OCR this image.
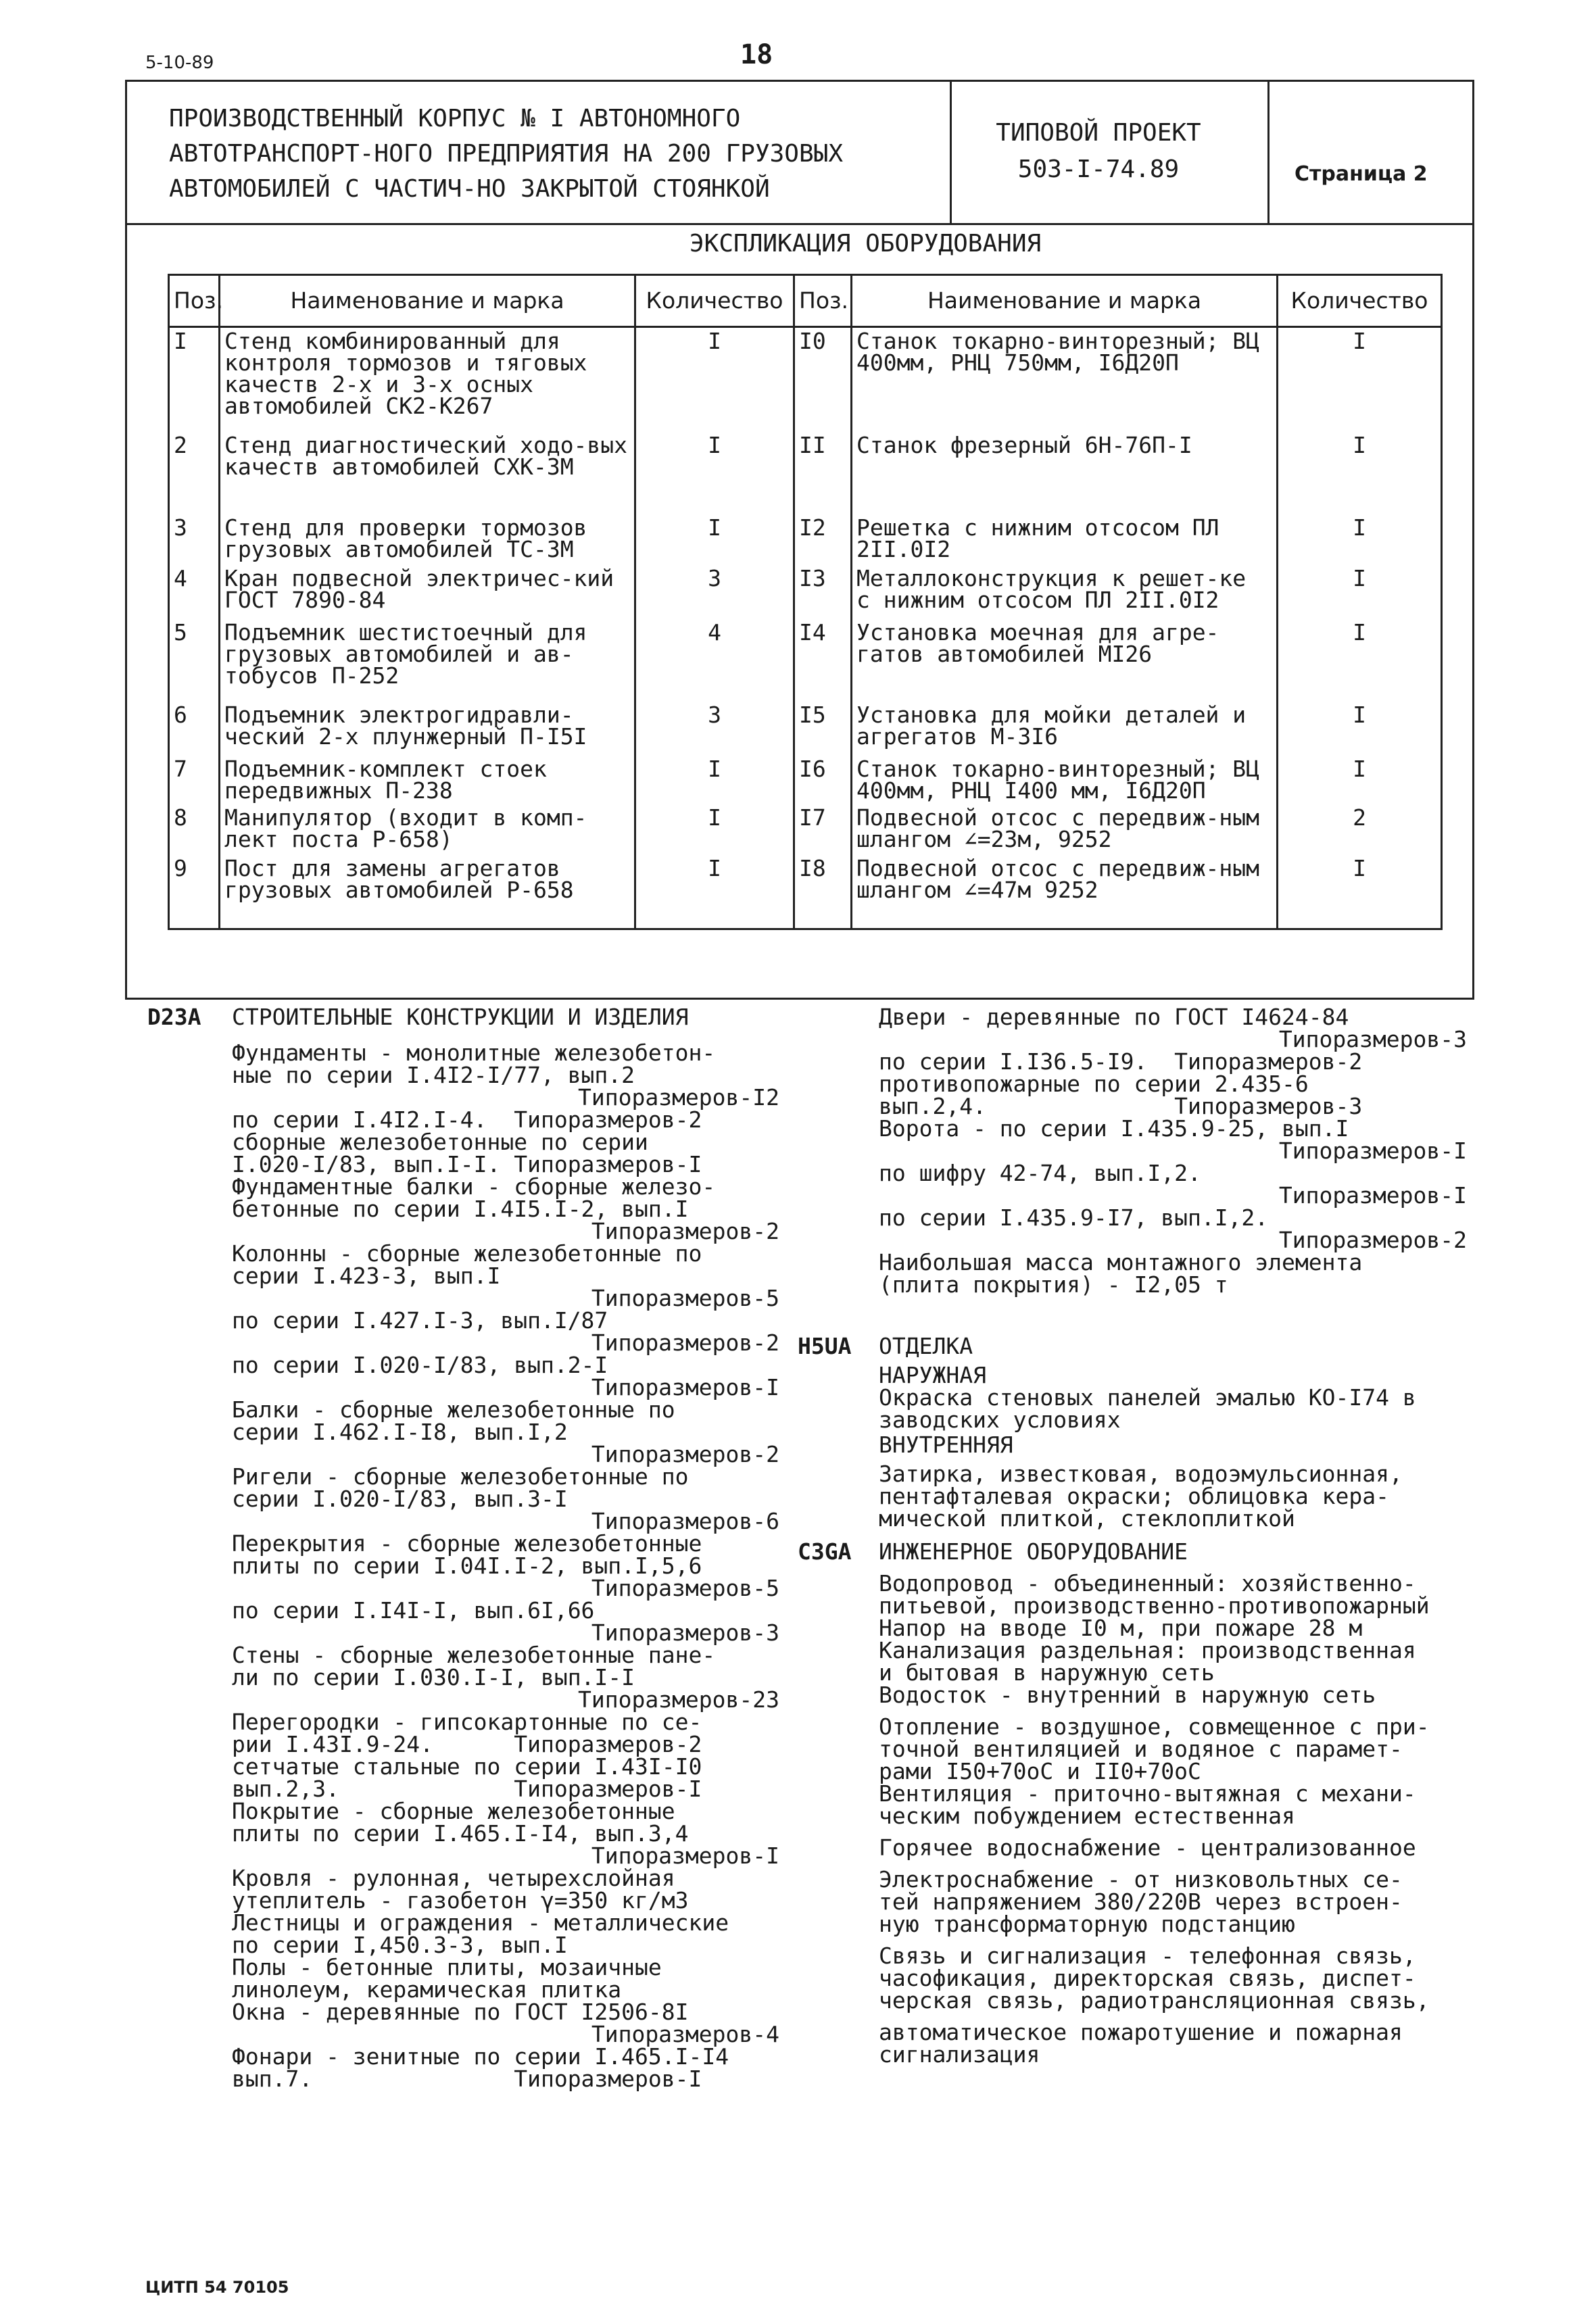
5-10-89	18
ПРОИЗВОДСТВЕННЫЙ КОРПУС № I АВТОНОМНОГО АВТОТРАНСПОРТ-НОГО ПРЕДПРИЯТИЯ НА 200 ГРУЗОВЫХ АВТОМОБИЛЕЙ С ЧАСТИЧ-НО ЗАКРЫТОЙ СТОЯНКОЙ
ТИПОВОЙ ПРОЕКТ
503-I-74.89	Страница 2
ЭКСПЛИКАЦИЯ ОБОРУДОВАНИЯ
Поз.	Наименование и марка	Количество	Поз.	Наименование и марка	Количество
I	Стенд комбинированный для контроля тормозов и тяговых качеств 2-х и 3-х осных автомобилей СК2-К267	I	I0	Станок токарно-винторезный; ВЦ 400мм, РНЦ 750мм, I6Д20П	I
2	Стенд диагностический ходо-вых качеств автомобилей СХК-3М	I	II	Станок фрезерный 6Н-76П-I	I
3	Стенд для проверки тормозов грузовых автомобилей ТС-3М	I	I2	Решетка с нижним отсосом ПЛ 2II.0I2	I
4	Кран подвесной электричес-кий ГОСТ 7890-84	3	I3	Металлоконструкция к решет-ке с нижним отсосом ПЛ 2II.0I2	I
5	Подъемник шестистоечный для грузовых автомобилей и ав-тобусов П-252	4	I4	Установка моечная для агре-гатов автомобилей МI26	I
6	Подъемник электрогидравли-ческий 2-х плунжерный П-I5I	3	I5	Установка для мойки деталей и агрегатов М-3I6	I
7	Подъемник-комплект стоек передвижных П-238	I	I6	Станок токарно-винторезный; ВЦ 400мм, РНЦ I400 мм, I6Д20П	I
8	Манипулятор (входит в комп-лект поста Р-658)	I	I7	Подвесной отсос с передвиж-ным шлангом ∠=23м, 9252	2
9	Пост для замены агрегатов грузовых автомобилей Р-658	I	I8	Подвесной отсос с передвиж-ным шлангом ∠=47м 9252	I
D23A	СТРОИТЕЛЬНЫЕ КОНСТРУКЦИИ И ИЗДЕЛИЯ
Фундаменты - монолитные железобетон-
ные по серии I.4I2-I/77, вып.2
Типоразмеров-I2
по серии I.4I2.I-4.  Типоразмеров-2
сборные железобетонные по серии
I.020-I/83, вып.I-I. Типоразмеров-I
Фундаментные балки - сборные железо-
бетонные по серии I.4I5.I-2, вып.I
Типоразмеров-2
Колонны - сборные железобетонные по
серии I.423-3, вып.I
Типоразмеров-5
по серии I.427.I-3, вып.I/87
Типоразмеров-2
по серии I.020-I/83, вып.2-I
Типоразмеров-I
Балки - сборные железобетонные по
серии I.462.I-I8, вып.I,2
Типоразмеров-2
Ригели - сборные железобетонные по
серии I.020-I/83, вып.3-I
Типоразмеров-6
Перекрытия - сборные железобетонные
плиты по серии I.04I.I-2, вып.I,5,6
Типоразмеров-5
по серии I.I4I-I, вып.6I,66
Типоразмеров-3
Стены - сборные железобетонные пане-
ли по серии I.030.I-I, вып.I-I
Типоразмеров-23
Перегородки - гипсокартонные по се-
рии I.43I.9-24.      Типоразмеров-2
сетчатые стальные по серии I.43I-I0
вып.2,3.             Типоразмеров-I
Покрытие - сборные железобетонные
плиты по серии I.465.I-I4, вып.3,4
Типоразмеров-I
Кровля - рулонная, четырехслойная
утеплитель - газобетон γ=350 кг/м3
Лестницы и ограждения - металлические
по серии I,450.3-3, вып.I
Полы - бетонные плиты, мозаичные
линолеум, керамическая плитка
Окна - деревянные по ГОСТ I2506-8I
Типоразмеров-4
Фонари - зенитные по серии I.465.I-I4
вып.7.               Типоразмеров-I
Двери - деревянные по ГОСТ I4624-84
Типоразмеров-3
по серии I.I36.5-I9.  Типоразмеров-2
противопожарные по серии 2.435-6
вып.2,4.              Типоразмеров-3
Ворота - по серии I.435.9-25, вып.I
Типоразмеров-I
по шифру 42-74, вып.I,2.
Типоразмеров-I
по серии I.435.9-I7, вып.I,2.
Типоразмеров-2
Наибольшая масса монтажного элемента
(плита покрытия) - I2,05 т
H5UA	ОТДЕЛКА
НАРУЖНАЯ
Окраска стеновых панелей эмалью КО-I74 в заводских условиях
ВНУТРЕННЯЯ
Затирка, известковая, водоэмульсионная, пентафталевая окраски; облицовка кера-мической плиткой, стеклоплиткой
C3GA	ИНЖЕНЕРНОЕ ОБОРУДОВАНИЕ
Водопровод - объединенный: хозяйственно-
питьевой, производственно-противопожарный
Напор на вводе I0 м, при пожаре 28 м
Канализация раздельная: производственная
и бытовая в наружную сеть
Водосток - внутренний в наружную сеть
Отопление - воздушное, совмещенное с при-
точной вентиляцией и водяное с парамет-
рами I50+70оС и II0+70оС
Вентиляция - приточно-вытяжная с механи-
ческим побуждением естественная
Горячее водоснабжение - централизованное
Электроснабжение - от низковольтных се-
тей напряжением 380/220В через встроен-
ную трансформаторную подстанцию
Связь и сигнализация - телефонная связь,
часофикация, директорская связь, диспет-
черская связь, радиотрансляционная связь,
автоматическое пожаротушение и пожарная
сигнализация
ЦИТП 54 70105
